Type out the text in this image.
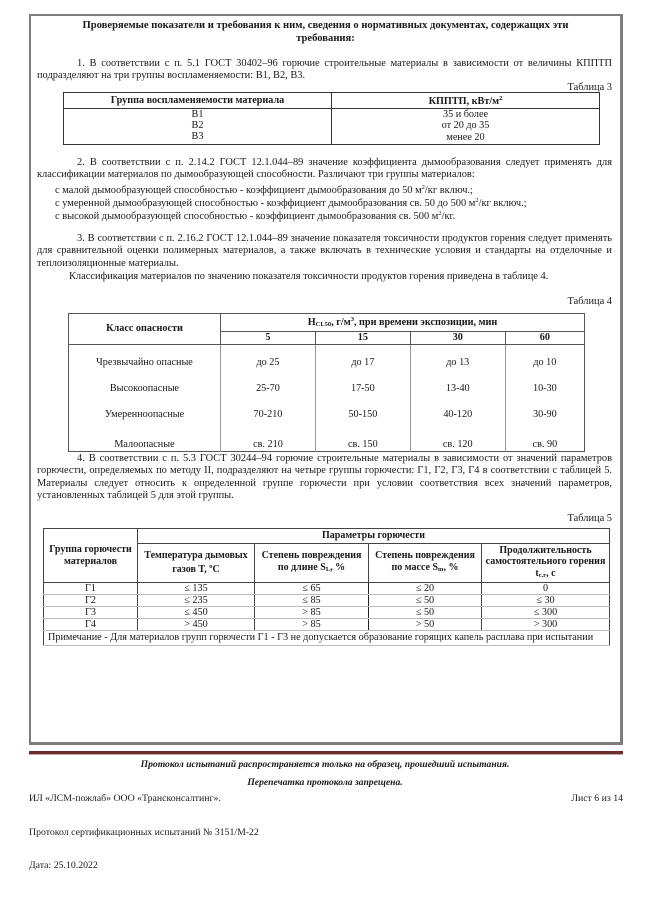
Проверяемые показатели и требования к ним, сведения о нормативных документах, содержащих эти требования:
1. В соответствии с п. 5.1 ГОСТ 30402–96 горючие строительные материалы в зависимости от величины КППТП подразделяют на три группы воспламеняемости: В1, В2, В3.
Таблица 3
Группа воспламеняемости материала	КППТП, кВт/$м^2$
В1	35 и более
В2	от 20 до 35
В3	менее 20
2. В соответствии с п. 2.14.2 ГОСТ 12.1.044–89 значение коэффициента дымообразования следует применять для классификации материалов по дымообразующей способности. Различают три группы материалов:
с малой дымообразующей способностью - коэффициент дымообразования до 50 $м^2/кг$ включ.;
с умеренной дымообразующей способностью - коэффициент дымообразования св. 50 до 500 $м^2/кг$ включ.;
с высокой дымообразующей способностью - коэффициент дымообразования св. 500 $м^2/кг$.
3. В соответствии с п. 2.16.2 ГОСТ 12.1.044–89 значение показателя токсичности продуктов горения следует применять для сравнительной оценки полимерных материалов, а также включать в технические условия и стандарты на отделочные и теплоизоляционные материалы.
Классификация материалов по значению показателя токсичности продуктов горения приведена в таблице 4.
Таблица 4
Класс опасности	$H_{CL50}$, $г/м^3$, при времени экспозиции, мин			
	5	15	30	60
Чрезвычайно опасные	до 25	до 17	до 13	до 10
Высокоопасные	25-70	17-50	13-40	10-30
Умеренноопасные	70-210	50-150	40-120	30-90
Малоопасные	св. 210	св. 150	св. 120	св. 90
4. В соответствии с п. 5.3 ГОСТ 30244–94 горючие строительные материалы в зависимости от значений параметров горючести, определяемых по методу II, подразделяют на четыре группы горючести: Г1, Г2, Г3, Г4 в соответствии с таблицей 5. Материалы следует относить к определенной группе горючести при условии соответствия всех значений параметров, установленных таблицей 5 для этой группы.
Таблица 5
Группа горючести материалов	Параметры горючести			
	Температура дымовых газов T, $^o$C	Степень повреждения по длине $S_L$, %	Степень повреждения по массе $S_m$, %	Продолжительность самостоятельного горения $t_{с.г}$, с
Г1	≤ 135	≤ 65	≤ 20	0
Г2	≤ 235	≤ 85	≤ 50	≤ 30
Г3	≤ 450	> 85	≤ 50	≤ 300
Г4	> 450	> 85	> 50	> 300
Примечание - Для материалов групп горючести Г1 - Г3 не допускается образование горящих капель расплава при испытании				
Протокол испытаний распространяется только на образец, прошедший испытания.
Перепечатка протокола запрещена.
ИЛ «ЛСМ-пожлаб» ООО «Трансконсалтинг».	Лист 6 из 14
Протокол сертификационных испытаний № 3151/М-22
Дата: 25.10.2022
